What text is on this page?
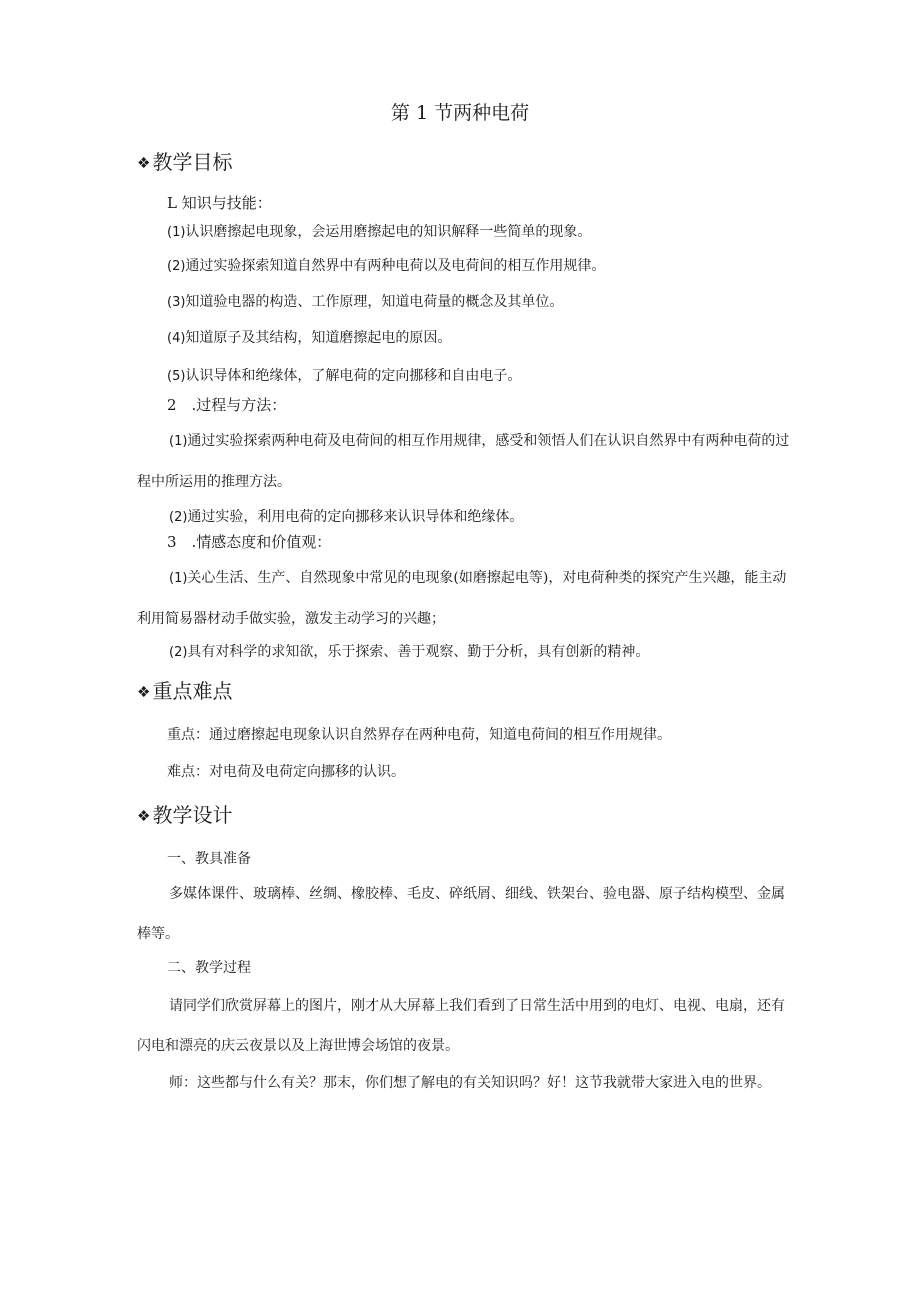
第 1 节两种电荷
❖ 教学目标
L 知识与技能：
(1)认识磨擦起电现象，会运用磨擦起电的知识解释一些简单的现象。
(2)通过实验探索知道自然界中有两种电荷以及电荷间的相互作用规律。
(3)知道验电器的构造、工作原理，知道电荷量的概念及其单位。
(4)知道原子及其结构，知道磨擦起电的原因。
(5)认识导体和绝缘体，了解电荷的定向挪移和自由电子。
2　.过程与方法：
(1)通过实验探索两种电荷及电荷间的相互作用规律，感受和领悟人们在认识自然界中有两种电荷的过程中所运用的推理方法。
(2)通过实验，利用电荷的定向挪移来认识导体和绝缘体。
3　.情感态度和价值观：
(1)关心生活、生产、自然现象中常见的电现象(如磨擦起电等)，对电荷种类的探究产生兴趣，能主动利用简易器材动手做实验，激发主动学习的兴趣；
(2)具有对科学的求知欲，乐于探索、善于观察、勤于分析，具有创新的精神。
❖ 重点难点
重点：通过磨擦起电现象认识自然界存在两种电荷，知道电荷间的相互作用规律。
难点：对电荷及电荷定向挪移的认识。
❖ 教学设计
一、教具准备
多媒体课件、玻璃棒、丝绸、橡胶棒、毛皮、碎纸屑、细线、铁架台、验电器、原子结构模型、金属棒等。
二、教学过程
请同学们欣赏屏幕上的图片，刚才从大屏幕上我们看到了日常生活中用到的电灯、电视、电扇，还有闪电和漂亮的庆云夜景以及上海世博会场馆的夜景。
师：这些都与什么有关？那末，你们想了解电的有关知识吗？好！这节我就带大家进入电的世界。
